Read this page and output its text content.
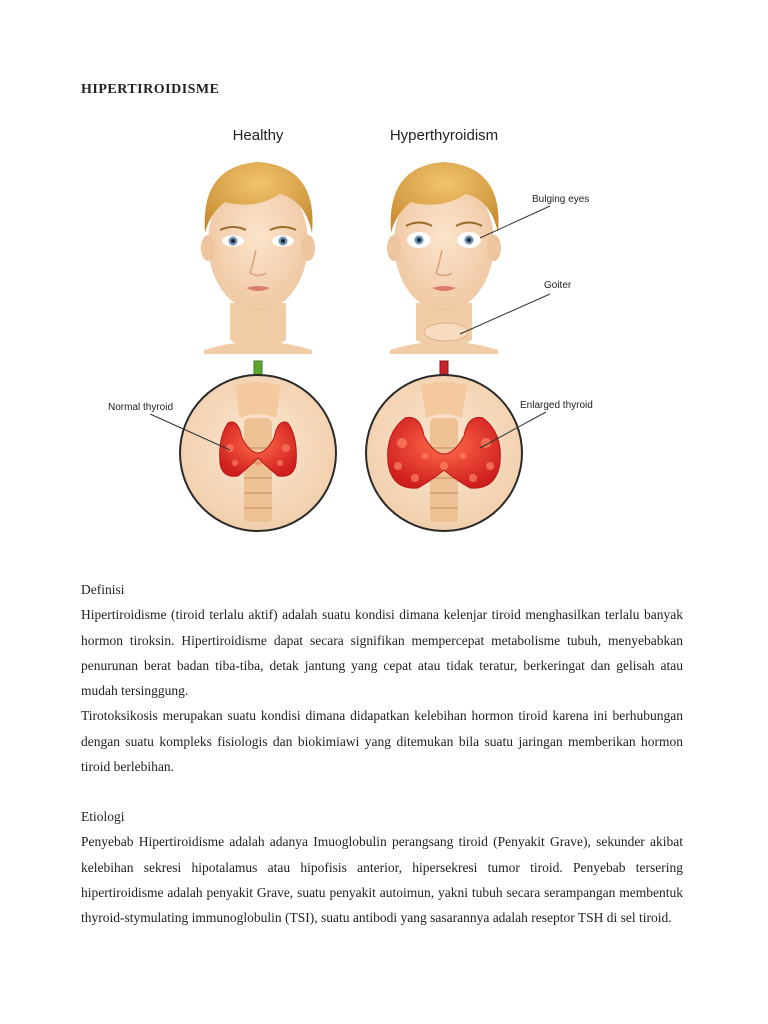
HIPERTIROIDISME
Healthy	Hyperthyroidism
Bulging eyes
Goiter
Normal thyroid	Enlarged thyroid

Definisi

Hipertiroidisme (tiroid terlalu aktif) adalah suatu kondisi dimana kelenjar tiroid menghasilkan terlalu banyak hormon tiroksin. Hipertiroidisme dapat secara signifikan mempercepat metabolisme tubuh, menyebabkan penurunan berat badan tiba-tiba, detak jantung yang cepat atau tidak teratur, berkeringat dan gelisah atau mudah tersinggung.

Tirotoksikosis merupakan suatu kondisi dimana didapatkan kelebihan hormon tiroid karena ini berhubungan dengan suatu kompleks fisiologis dan biokimiawi yang ditemukan bila suatu jaringan memberikan hormon tiroid berlebihan.

Etiologi

Penyebab Hipertiroidisme adalah adanya Imuoglobulin perangsang tiroid (Penyakit Grave), sekunder akibat kelebihan sekresi hipotalamus atau hipofisis anterior, hipersekresi tumor tiroid. Penyebab tersering hipertiroidisme adalah penyakit Grave, suatu penyakit autoimun, yakni tubuh secara serampangan membentuk thyroid-stymulating immunoglobulin (TSI), suatu antibodi yang sasarannya adalah reseptor TSH di sel tiroid.
